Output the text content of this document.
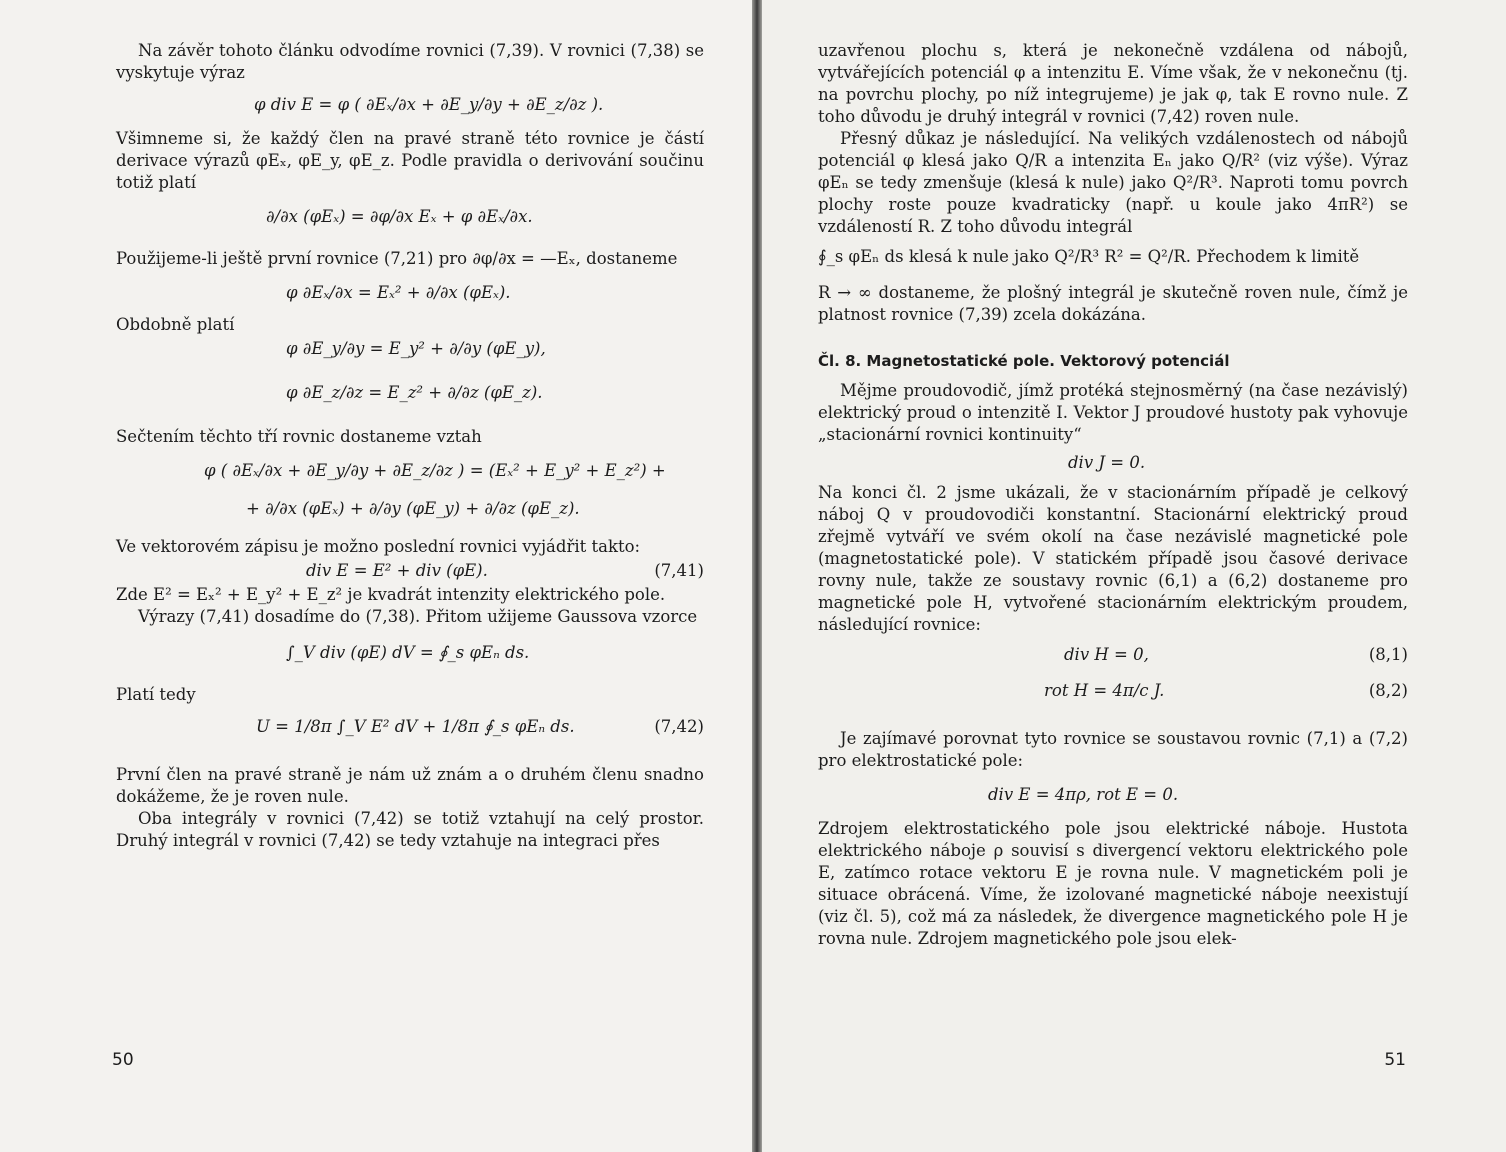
Na závěr tohoto článku odvodíme rovnici (7,39). V rovnici (7,38) se vyskytuje výraz

φ div E = φ ( ∂Eₓ/∂x + ∂E_y/∂y + ∂E_z/∂z ).

Všimneme si, že každý člen na pravé straně této rovnice je částí derivace výrazů φEₓ, φE_y, φE_z. Podle pravidla o derivování součinu totiž platí

∂/∂x (φEₓ) = ∂φ/∂x Eₓ + φ ∂Eₓ/∂x.

Použijeme-li ještě první rovnice (7,21) pro ∂φ/∂x = —Eₓ, dostaneme

φ ∂Eₓ/∂x = Eₓ² + ∂/∂x (φEₓ).

Obdobně platí

φ ∂E_y/∂y = E_y² + ∂/∂y (φE_y),
φ ∂E_z/∂z = E_z² + ∂/∂z (φE_z).

Sečtením těchto tří rovnic dostaneme vztah

φ ( ∂Eₓ/∂x + ∂E_y/∂y + ∂E_z/∂z ) = (Eₓ² + E_y² + E_z²) +
+ ∂/∂x (φEₓ) + ∂/∂y (φE_y) + ∂/∂z (φE_z).

Ve vektorovém zápisu je možno poslední rovnici vyjádřit takto:

div E = E² + div (φE).	(7,41)

Zde E² = Eₓ² + E_y² + E_z² je kvadrát intenzity elektrického pole.

Výrazy (7,41) dosadíme do (7,38). Přitom užijeme Gaussova vzorce

∫_V div (φE) dV = ∮_s φEₙ ds.

Platí tedy

U = 1/8π ∫_V E² dV + 1/8π ∮_s φEₙ ds.	(7,42)

První člen na pravé straně je nám už znám a o druhém členu snadno dokážeme, že je roven nule.

Oba integrály v rovnici (7,42) se totiž vztahují na celý prostor. Druhý integrál v rovnici (7,42) se tedy vztahuje na integraci přes

50

uzavřenou plochu s, která je nekonečně vzdálena od nábojů, vytvářejících potenciál φ a intenzitu E. Víme však, že v nekonečnu (tj. na povrchu plochy, po níž integrujeme) je jak φ, tak E rovno nule. Z toho důvodu je druhý integrál v rovnici (7,42) roven nule.

Přesný důkaz je následující. Na velikých vzdálenostech od nábojů potenciál φ klesá jako Q/R a intenzita Eₙ jako Q/R² (viz výše). Výraz φEₙ se tedy zmenšuje (klesá k nule) jako Q²/R³. Naproti tomu povrch plochy roste pouze kvadraticky (např. u koule jako 4πR²) se vzdáleností R. Z toho důvodu integrál

∮_s φEₙ ds klesá k nule jako Q²/R³ R² = Q²/R. Přechodem k limitě

R → ∞ dostaneme, že plošný integrál je skutečně roven nule, čímž je platnost rovnice (7,39) zcela dokázána.

Čl. 8. Magnetostatické pole. Vektorový potenciál

Mějme proudovodič, jímž protéká stejnosměrný (na čase nezávislý) elektrický proud o intenzitě I. Vektor J proudové hustoty pak vyhovuje „stacionární rovnici kontinuity“

div J = 0.

Na konci čl. 2 jsme ukázali, že v stacionárním případě je celkový náboj Q v proudovodiči konstantní. Stacionární elektrický proud zřejmě vytváří ve svém okolí na čase nezávislé magnetické pole (magnetostatické pole). V statickém případě jsou časové derivace rovny nule, takže ze soustavy rovnic (6,1) a (6,2) dostaneme pro magnetické pole H, vytvořené stacionárním elektrickým proudem, následující rovnice:

div H = 0,	(8,1)
rot H = 4π/c J.	(8,2)

Je zajímavé porovnat tyto rovnice se soustavou rovnic (7,1) a (7,2) pro elektrostatické pole:

div E = 4πρ, rot E = 0.

Zdrojem elektrostatického pole jsou elektrické náboje. Hustota elektrického náboje ρ souvisí s divergencí vektoru elektrického pole E, zatímco rotace vektoru E je rovna nule. V magnetickém poli je situace obrácená. Víme, že izolované magnetické náboje neexistují (viz čl. 5), což má za následek, že divergence magnetického pole H je rovna nule. Zdrojem magnetického pole jsou elek-

51
